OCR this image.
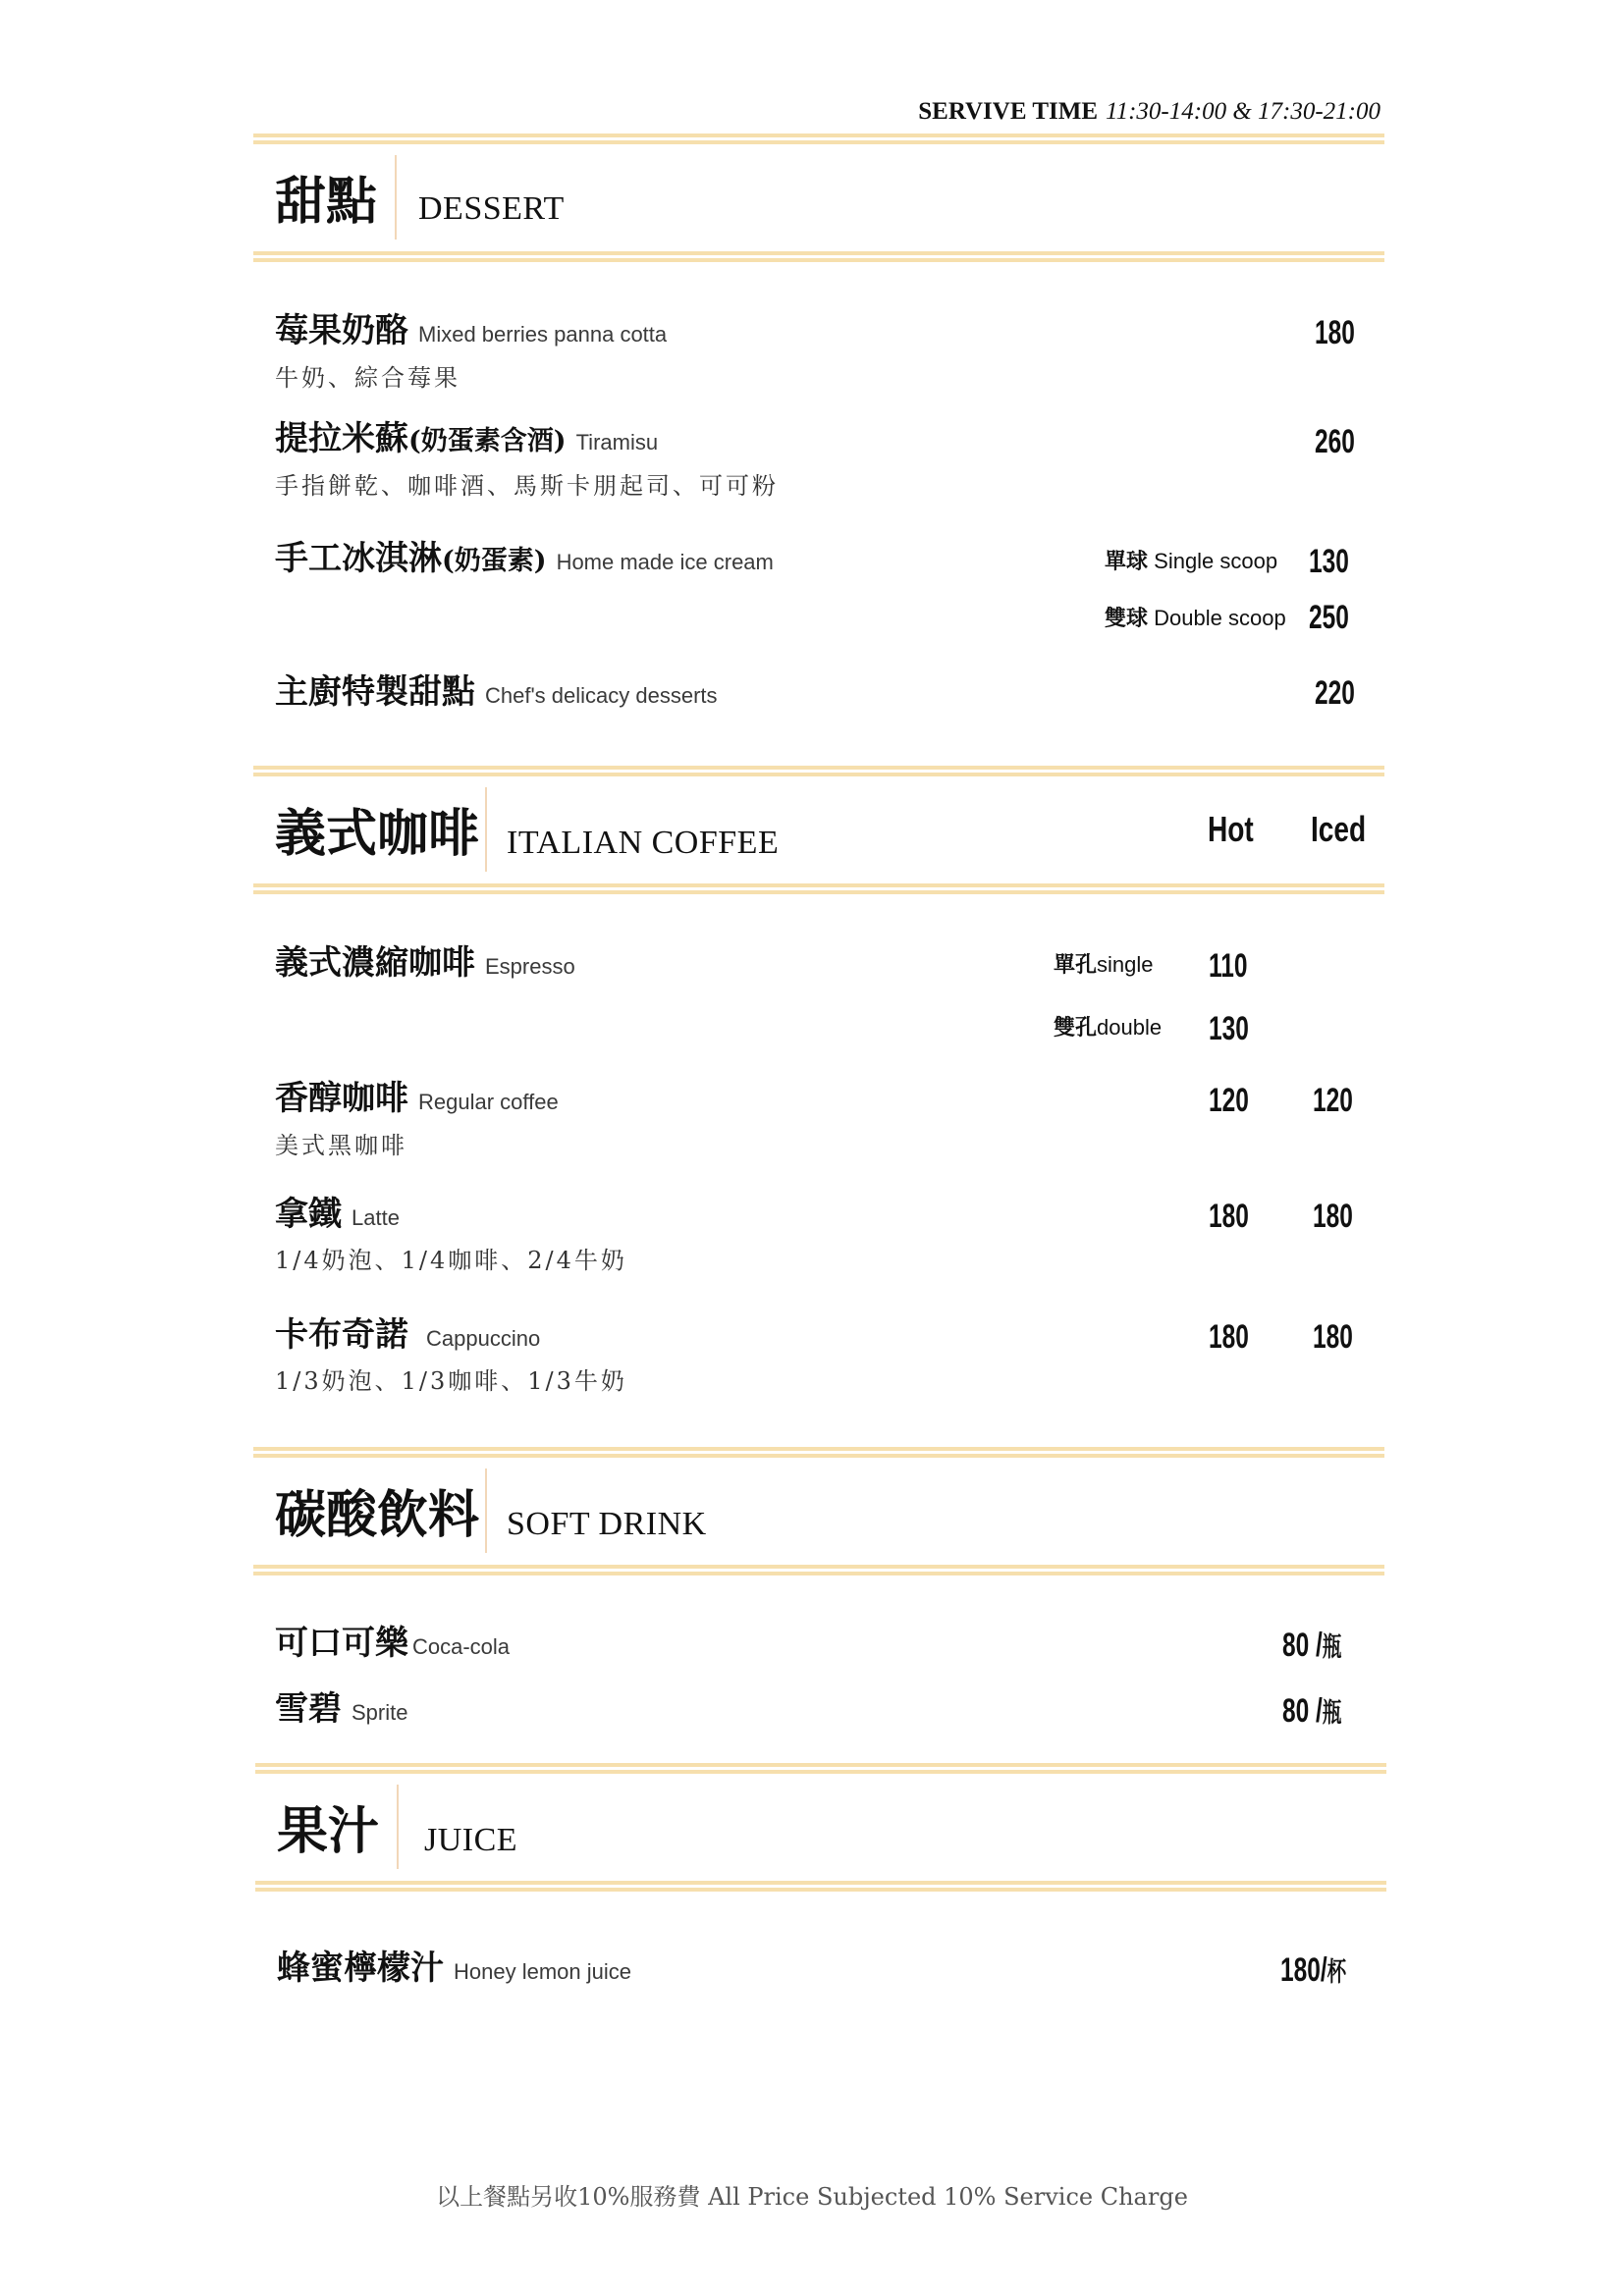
SERVIVE TIME 11:30-14:00 & 17:30-21:00
甜點 DESSERT
莓果奶酪 Mixed berries panna cotta	180
牛奶、綜合莓果
提拉米蘇(奶蛋素含酒) Tiramisu	260
手指餅乾、咖啡酒、馬斯卡朋起司、可可粉
手工冰淇淋(奶蛋素) Home made ice cream	單球 Single scoop 130
雙球 Double scoop 250
主廚特製甜點 Chef's delicacy desserts	220
義式咖啡 ITALIAN COFFEE	Hot Iced
義式濃縮咖啡 Espresso	單孔single 110
雙孔double 130
香醇咖啡 Regular coffee	120 120
美式黑咖啡
拿鐵 Latte	180 180
1/4奶泡、1/4咖啡、2/4牛奶
卡布奇諾 Cappuccino	180 180
1/3奶泡、1/3咖啡、1/3牛奶
碳酸飲料 SOFT DRINK
可口可樂 Coca-cola	80 /瓶
雪碧 Sprite	80 /瓶
果汁 JUICE
蜂蜜檸檬汁 Honey lemon juice	180/杯
以上餐點另收10%服務費 All Price Subjected 10% Service Charge
